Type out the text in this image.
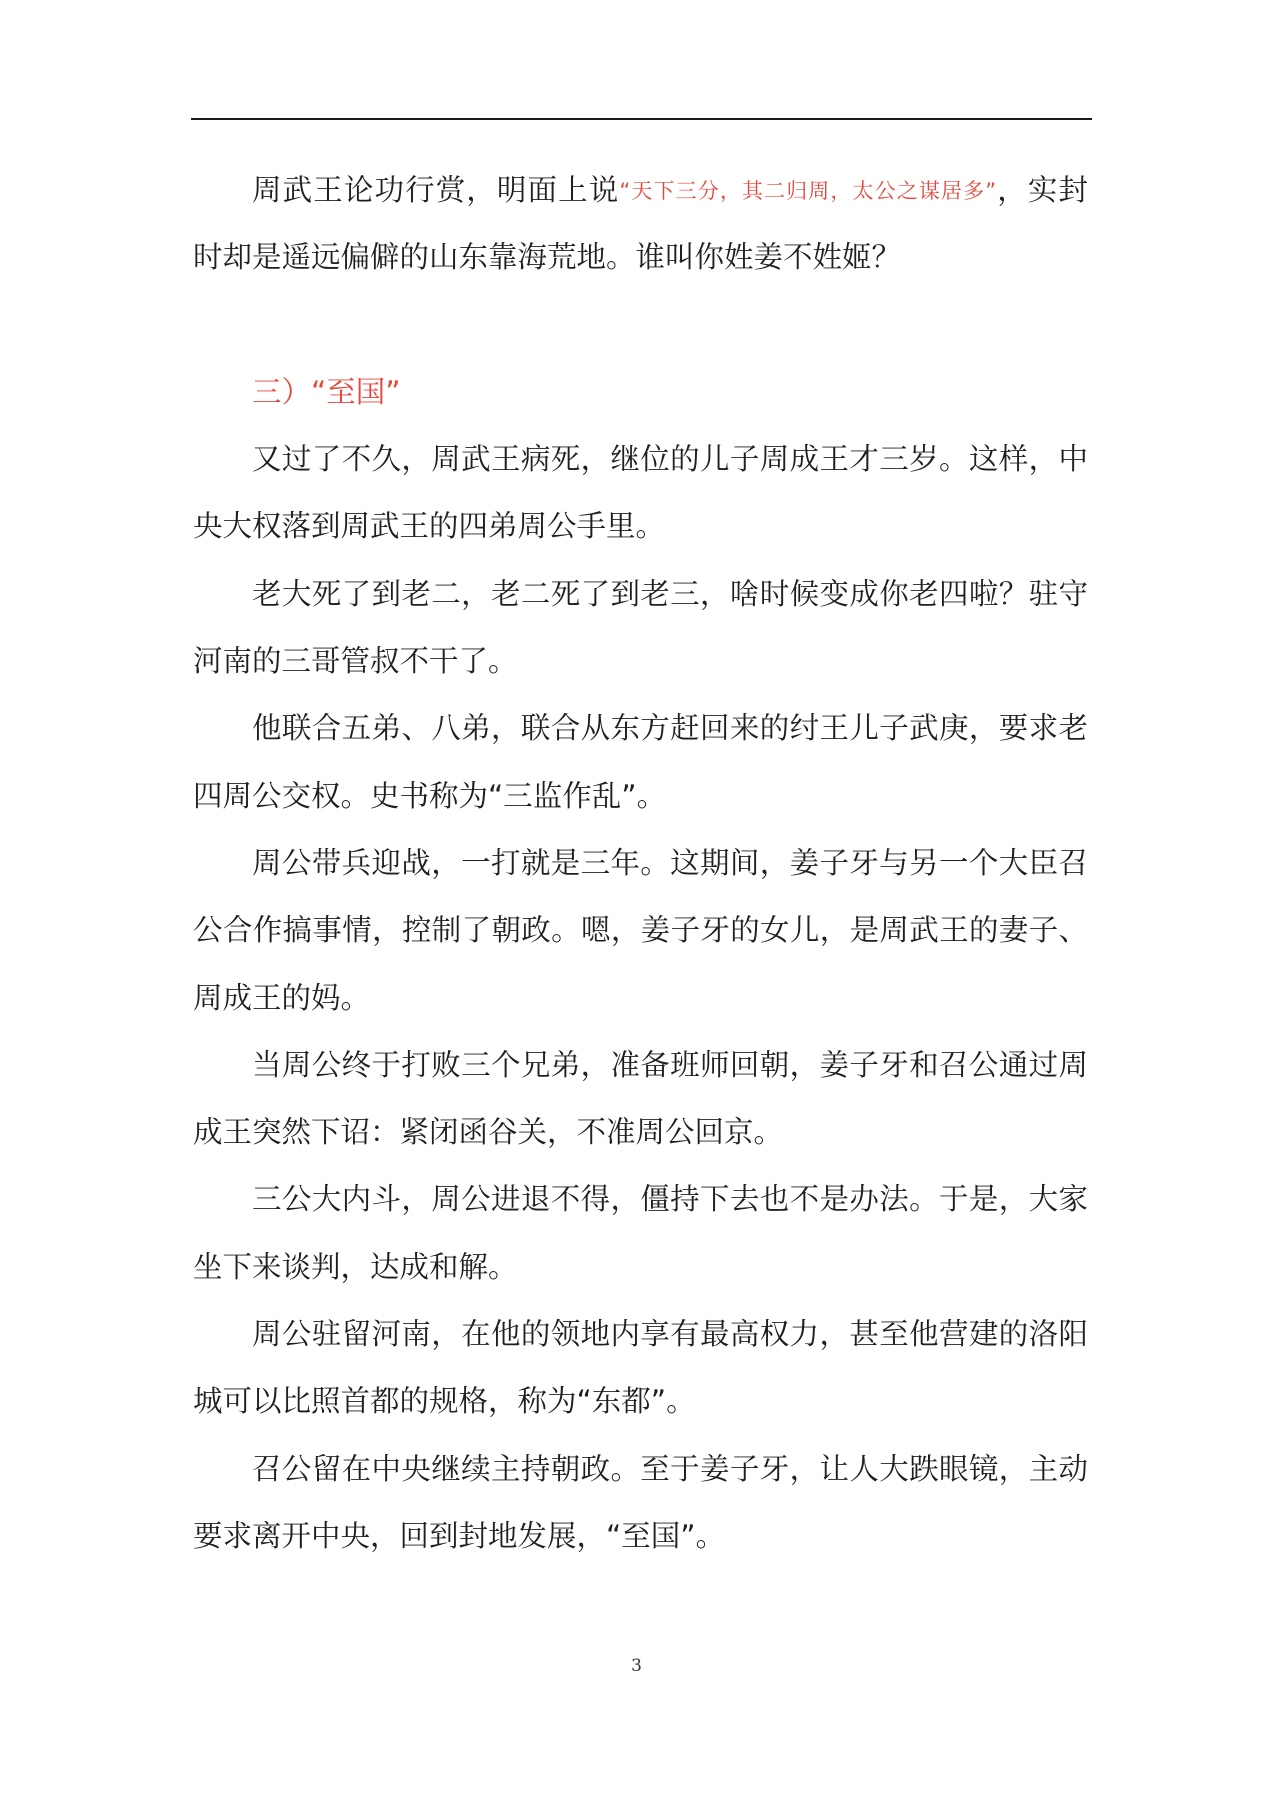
周武王论功行赏，明面上说“天下三分，其二归周，太公之谋居多”，实封
时却是遥远偏僻的山东靠海荒地。谁叫你姓姜不姓姬？
三）“至国”
又过了不久，周武王病死，继位的儿子周成王才三岁。这样，中
央大权落到周武王的四弟周公手里。
老大死了到老二，老二死了到老三，啥时候变成你老四啦？驻守
河南的三哥管叔不干了。
他联合五弟、八弟，联合从东方赶回来的纣王儿子武庚，要求老
四周公交权。史书称为“三监作乱”。
周公带兵迎战，一打就是三年。这期间，姜子牙与另一个大臣召
公合作搞事情，控制了朝政。嗯，姜子牙的女儿，是周武王的妻子、
周成王的妈。
当周公终于打败三个兄弟，准备班师回朝，姜子牙和召公通过周
成王突然下诏：紧闭函谷关，不准周公回京。
三公大内斗，周公进退不得，僵持下去也不是办法。于是，大家
坐下来谈判，达成和解。
周公驻留河南，在他的领地内享有最高权力，甚至他营建的洛阳
城可以比照首都的规格，称为“东都”。
召公留在中央继续主持朝政。至于姜子牙，让人大跌眼镜，主动
要求离开中央，回到封地发展，“至国”。
3
